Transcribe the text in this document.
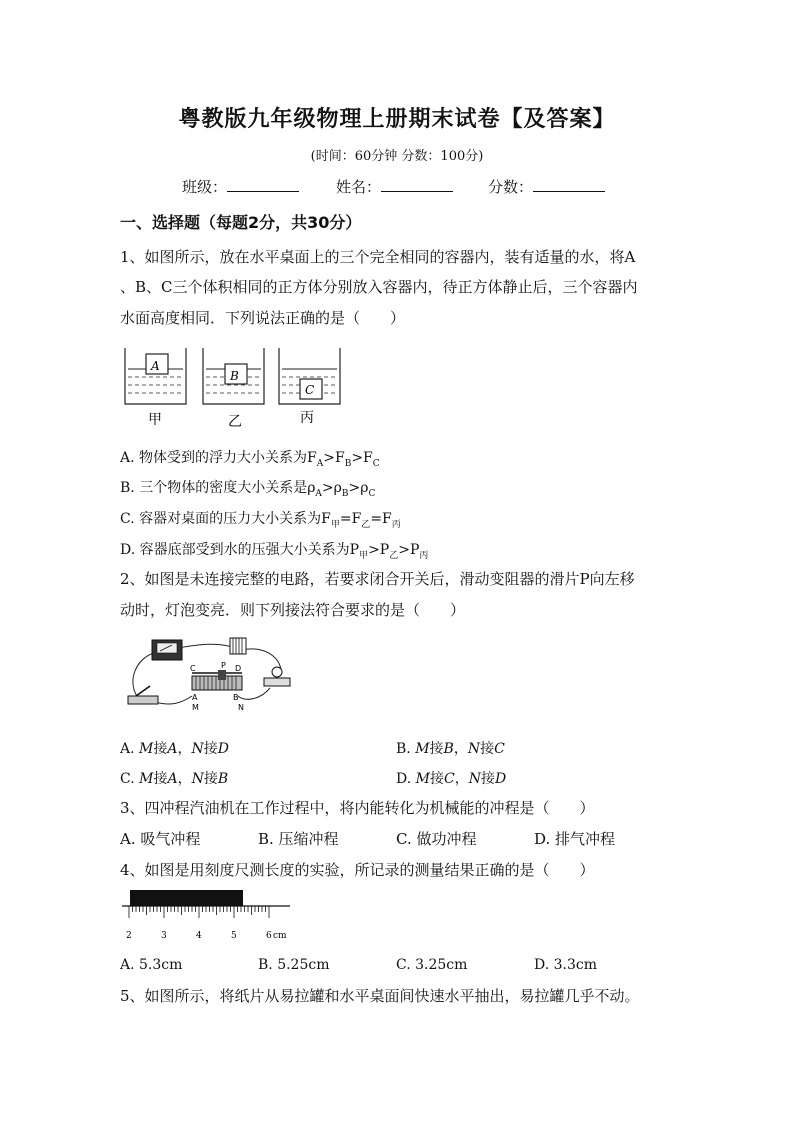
粤教版九年级物理上册期末试卷【及答案】
(时间：60分钟 分数：100分)
班级：	姓名：	分数：
一、选择题（每题2分，共30分）
1、如图所示，放在水平桌面上的三个完全相同的容器内，装有适量的水，将A
、B、C三个体积相同的正方体分别放入容器内，待正方体静止后，三个容器内
水面高度相同．下列说法正确的是（　　）
A
B
C
甲	乙	丙
A. 物体受到的浮力大小关系为$F_A>F_B>F_C$
B. 三个物体的密度大小关系是$\rho_A>\rho_B>\rho_C$
C. 容器对桌面的压力大小关系为$F_甲=F_乙=F_丙$
D. 容器底部受到水的压强大小关系为$P_甲>P_乙>P_丙$
2、如图是未连接完整的电路，若要求闭合开关后，滑动变阻器的滑片P向左移
动时，灯泡变亮．则下列接法符合要求的是（　　）
C	P D
A	B
M	N
A. M接A，N接D	B. M接B，N接C
C. M接A，N接B	D. M接C，N接D
3、四冲程汽油机在工作过程中，将内能转化为机械能的冲程是（　　）
A. 吸气冲程	B. 压缩冲程	C. 做功冲程	D. 排气冲程
4、如图是用刻度尺测长度的实验，所记录的测量结果正确的是（　　）
2	3	4	5	6 cm
A. 5.3cm	B. 5.25cm	C. 3.25cm	D. 3.3cm
5、如图所示，将纸片从易拉罐和水平桌面间快速水平抽出，易拉罐几乎不动。
